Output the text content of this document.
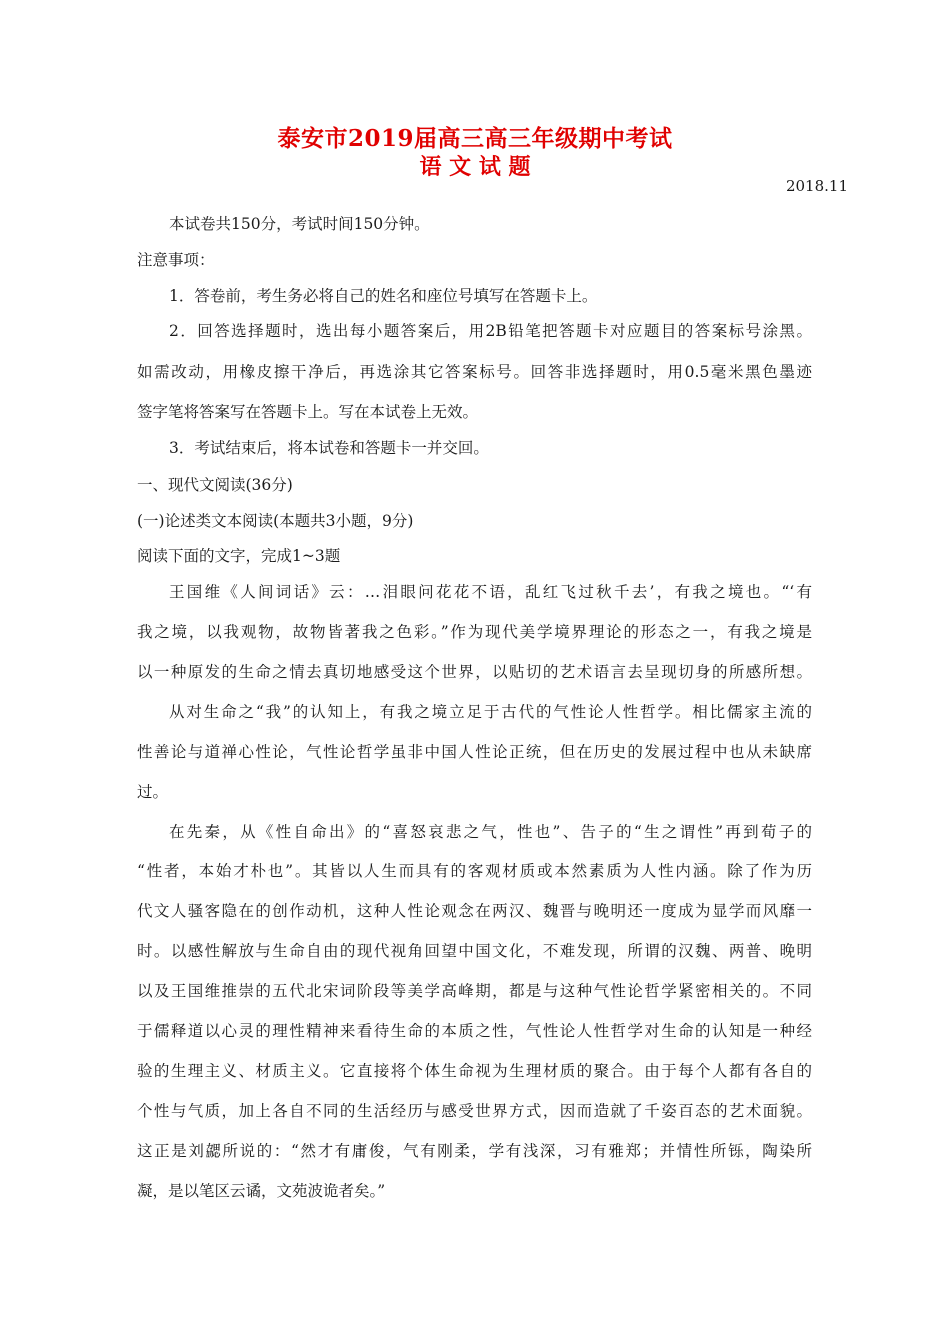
泰安市2019届高三高三年级期中考试
语 文 试 题
2018.11
本试卷共150分，考试时间150分钟。
注意事项：
1．答卷前，考生务必将自己的姓名和座位号填写在答题卡上。
2．回答选择题时，选出每小题答案后，用2B铅笔把答题卡对应题目的答案标号涂黑。
如需改动，用橡皮擦干净后，再选涂其它答案标号。回答非选择题时，用0.5毫米黑色墨迹
签字笔将答案写在答题卡上。写在本试卷上无效。
3．考试结束后，将本试卷和答题卡一并交回。
一、现代文阅读(36分)
(一)论述类文本阅读(本题共3小题，9分)
阅读下面的文字，完成1~3题
王国维《人间词话》云：…泪眼问花花不语，乱红飞过秋千去’，有我之境也。“‘有
我之境，以我观物，故物皆著我之色彩。”作为现代美学境界理论的形态之一，有我之境是
以一种原发的生命之情去真切地感受这个世界，以贴切的艺术语言去呈现切身的所感所想。
从对生命之“我”的认知上，有我之境立足于古代的气性论人性哲学。相比儒家主流的
性善论与道禅心性论，气性论哲学虽非中国人性论正统，但在历史的发展过程中也从未缺席
过。
在先秦，从《性自命出》的“喜怒哀悲之气，性也”、告子的“生之谓性”再到荀子的
“性者，本始才朴也”。其皆以人生而具有的客观材质或本然素质为人性内涵。除了作为历
代文人骚客隐在的创作动机，这种人性论观念在两汉、魏晋与晚明还一度成为显学而风靡一
时。以感性解放与生命自由的现代视角回望中国文化，不难发现，所谓的汉魏、两普、晚明
以及王国维推崇的五代北宋词阶段等美学高峰期，都是与这种气性论哲学紧密相关的。不同
于儒释道以心灵的理性精神来看待生命的本质之性，气性论人性哲学对生命的认知是一种经
验的生理主义、材质主义。它直接将个体生命视为生理材质的聚合。由于每个人都有各自的
个性与气质，加上各自不同的生活经历与感受世界方式，因而造就了千姿百态的艺术面貌。
这正是刘勰所说的：“然才有庸俊，气有刚柔，学有浅深，习有雅郑；并情性所铄，陶染所
凝，是以笔区云谲，文苑波诡者矣。”
